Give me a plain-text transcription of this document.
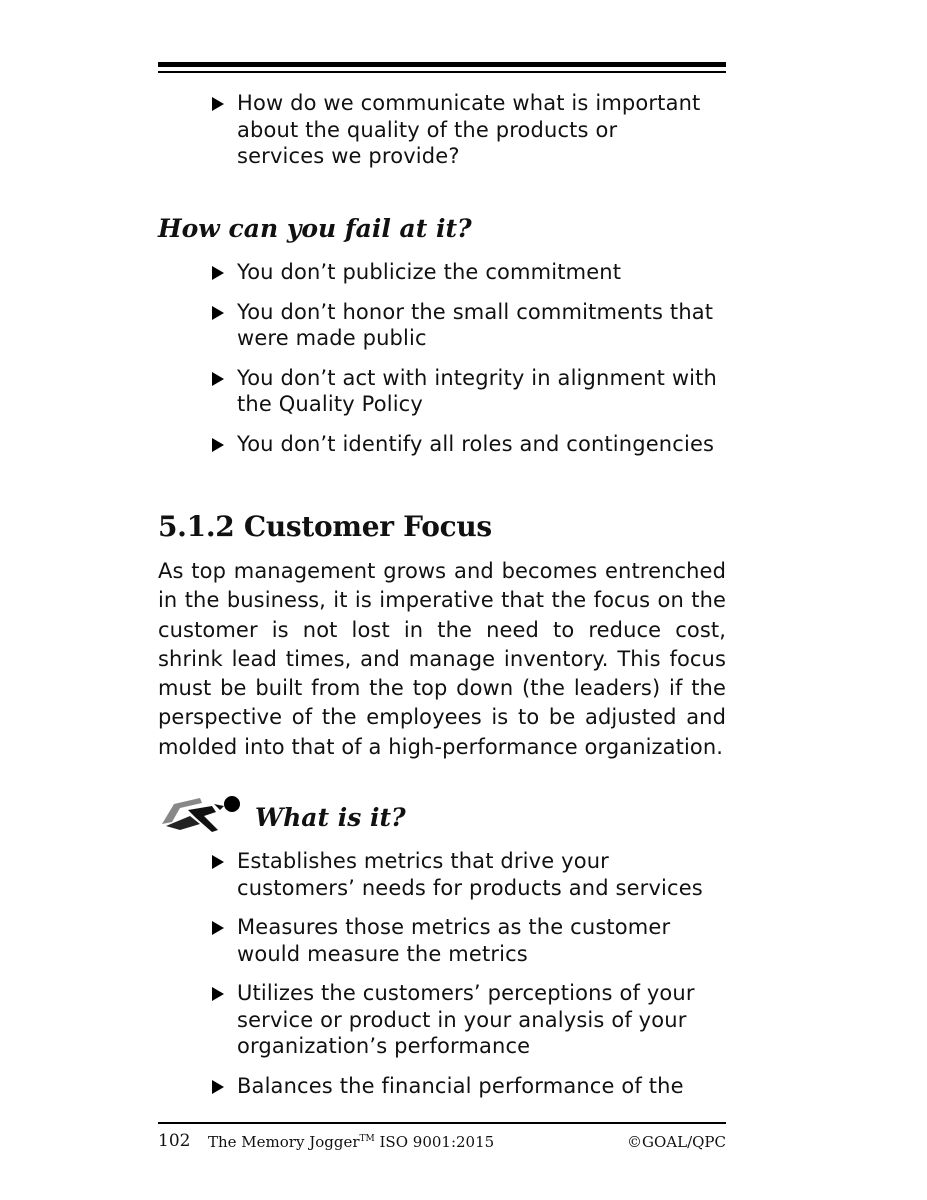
How do we communicate what is important about the quality of the products or services we provide?
How can you fail at it?
You don’t publicize the commitment
You don’t honor the small commitments that were made public
You don’t act with integrity in alignment with the Quality Policy
You don’t identify all roles and contingencies
5.1.2 Customer Focus

As top management grows and becomes entrenched in the business, it is imperative that the focus on the customer is not lost in the need to reduce cost, shrink lead times, and manage inventory. This focus must be built from the top down (the leaders) if the perspective of the employees is to be adjusted and molded into that of a high-performance organization.

What is it?
Establishes metrics that drive your customers’ needs for products and services
Measures those metrics as the customer would measure the metrics
Utilizes the customers’ perceptions of your service or product in your analysis of your organization’s performance
Balances the financial performance of the
102 The Memory Jogger™ ISO 9001:2015	©GOAL/QPC
